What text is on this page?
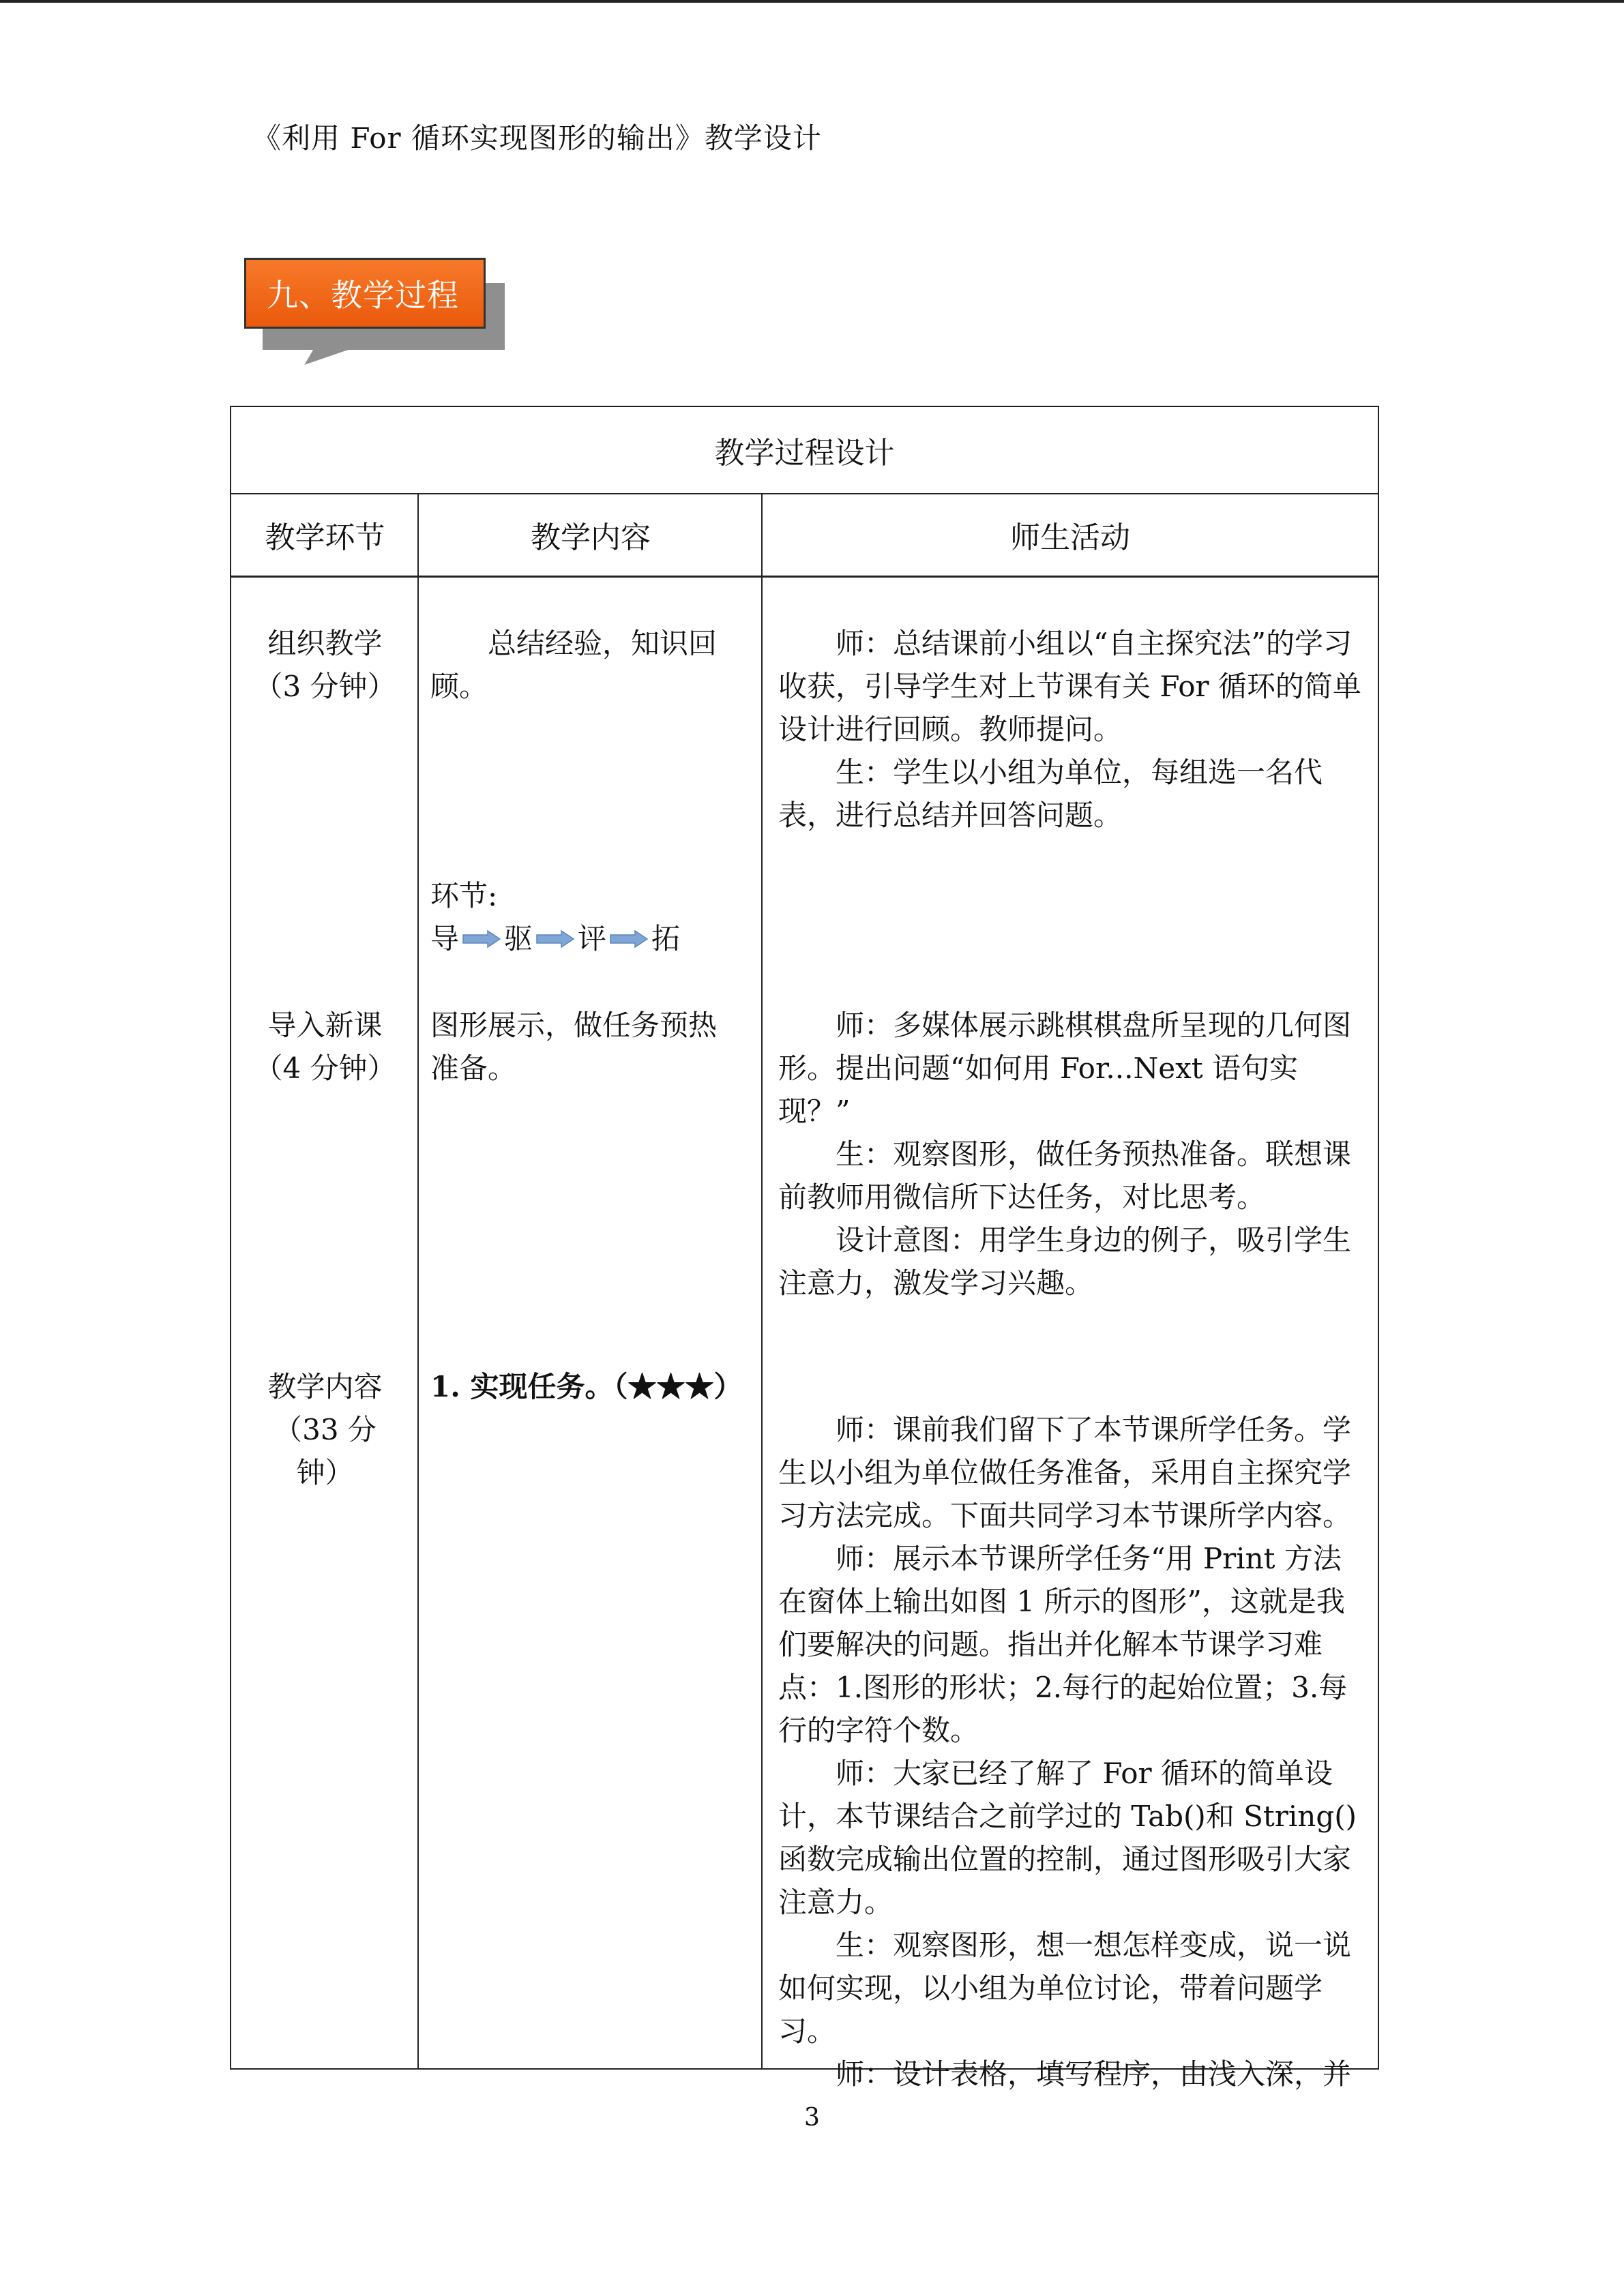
《利用 For 循环实现图形的输出》教学设计
九、教学过程
教学过程设计
教学环节	教学内容	师生活动
组织教学
（3 分钟）
总结经验，知识回顾。
师：总结课前小组以“自主探究法”的学习收获，引导学生对上节课有关 For 循环的简单设计进行回顾。教师提问。
生：学生以小组为单位，每组选一名代表，进行总结并回答问题。
环节:
导 驱 评 拓
导入新课
（4 分钟）
图形展示，做任务预热准备。
师：多媒体展示跳棋棋盘所呈现的几何图形。提出问题“如何用 For...Next 语句实现？”
生：观察图形，做任务预热准备。联想课前教师用微信所下达任务，对比思考。
设计意图：用学生身边的例子，吸引学生注意力，激发学习兴趣。
教学内容
（33 分
钟）
1. 实现任务。（★★★）
师：课前我们留下了本节课所学任务。学生以小组为单位做任务准备，采用自主探究学习方法完成。下面共同学习本节课所学内容。
师：展示本节课所学任务“用 Print 方法在窗体上输出如图 1 所示的图形”，这就是我们要解决的问题。指出并化解本节课学习难点：1.图形的形状；2.每行的起始位置；3.每行的字符个数。
师：大家已经了解了 For 循环的简单设计，本节课结合之前学过的 Tab()和 String()函数完成输出位置的控制，通过图形吸引大家注意力。
生：观察图形，想一想怎样变成，说一说如何实现，以小组为单位讨论，带着问题学习。
师：设计表格，填写程序，由浅入深，并
3
